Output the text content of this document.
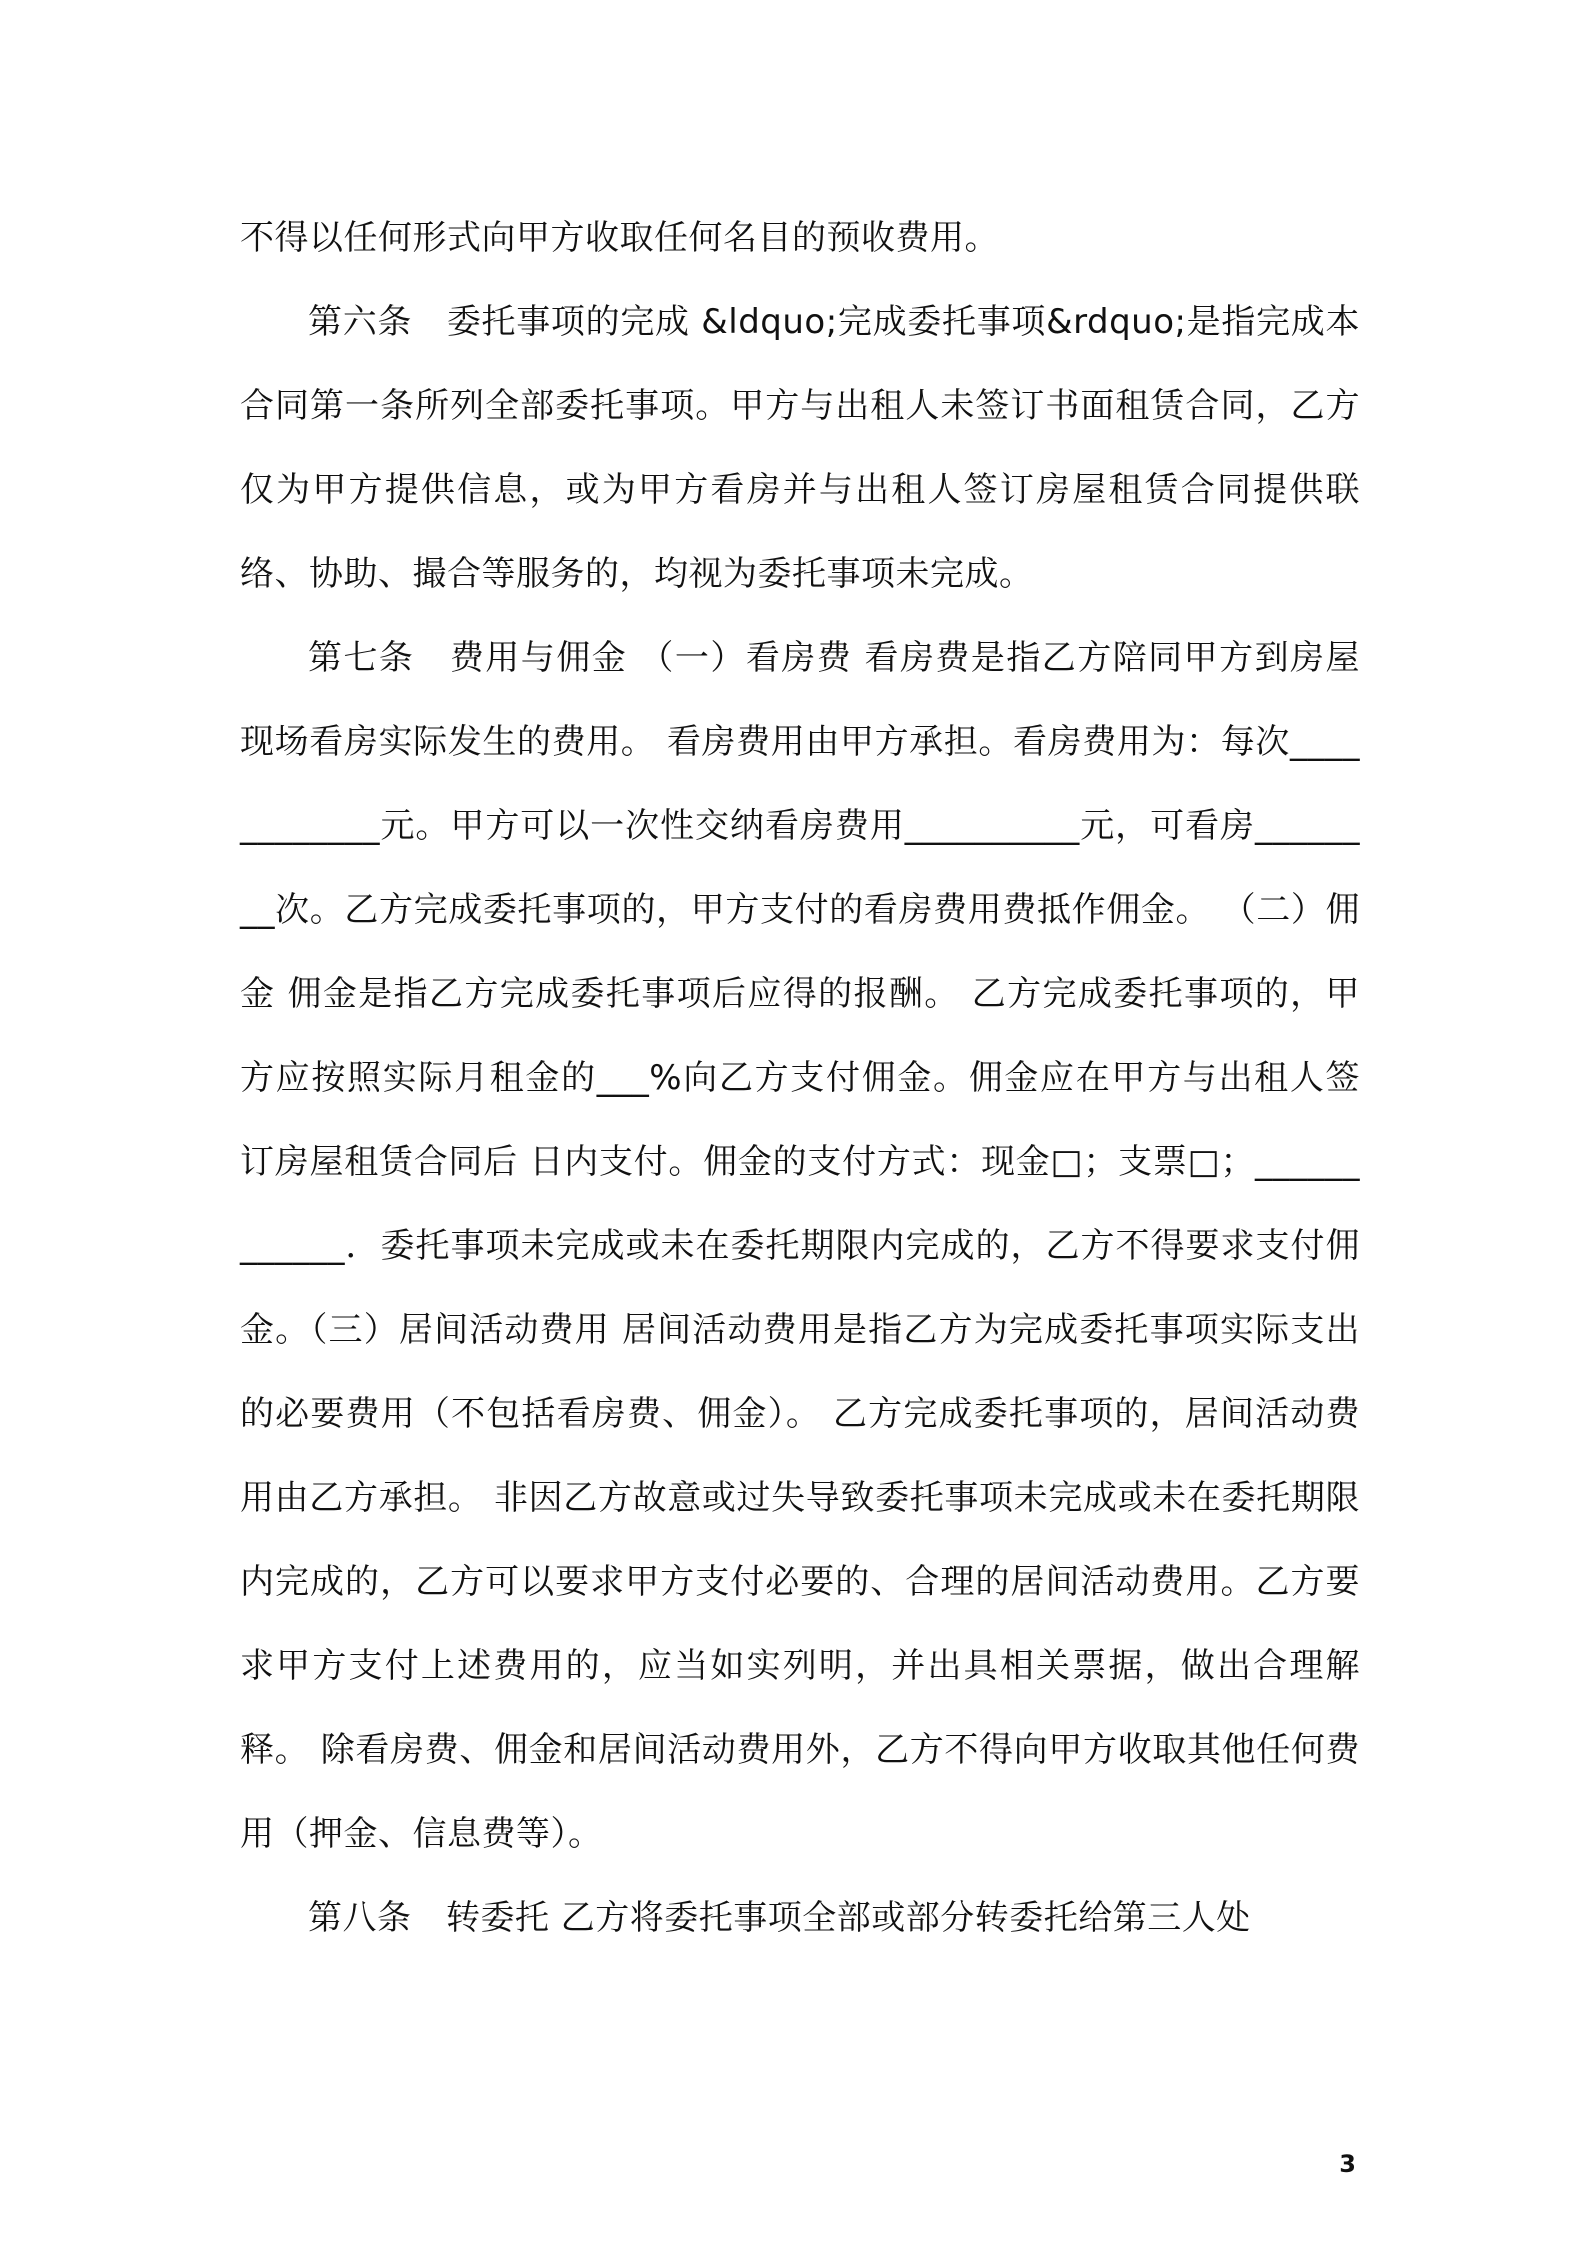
不得以任何形式向甲方收取任何名目的预收费用。

第六条　委托事项的完成 &ldquo;完成委托事项&rdquo;是指完成本合同第一条所列全部委托事项。甲方与出租人未签订书面租赁合同，乙方仅为甲方提供信息，或为甲方看房并与出租人签订房屋租赁合同提供联络、协助、撮合等服务的，均视为委托事项未完成。

第七条　费用与佣金 （一）看房费 看房费是指乙方陪同甲方到房屋现场看房实际发生的费用。 看房费用由甲方承担。看房费用为：每次____________元。甲方可以一次性交纳看房费用__________元，可看房________次。乙方完成委托事项的，甲方支付的看房费用费抵作佣金。 （二）佣金 佣金是指乙方完成委托事项后应得的报酬。 乙方完成委托事项的，甲方应按照实际月租金的___%向乙方支付佣金。佣金应在甲方与出租人签订房屋租赁合同后 日内支付。佣金的支付方式：现金□；支票□；____________．委托事项未完成或未在委托期限内完成的，乙方不得要求支付佣金。（三）居间活动费用 居间活动费用是指乙方为完成委托事项实际支出的必要费用（不包括看房费、佣金）。 乙方完成委托事项的，居间活动费用由乙方承担。 非因乙方故意或过失导致委托事项未完成或未在委托期限内完成的，乙方可以要求甲方支付必要的、合理的居间活动费用。乙方要求甲方支付上述费用的，应当如实列明，并出具相关票据，做出合理解释。 除看房费、佣金和居间活动费用外，乙方不得向甲方收取其他任何费用（押金、信息费等）。

第八条　转委托 乙方将委托事项全部或部分转委托给第三人处

3
